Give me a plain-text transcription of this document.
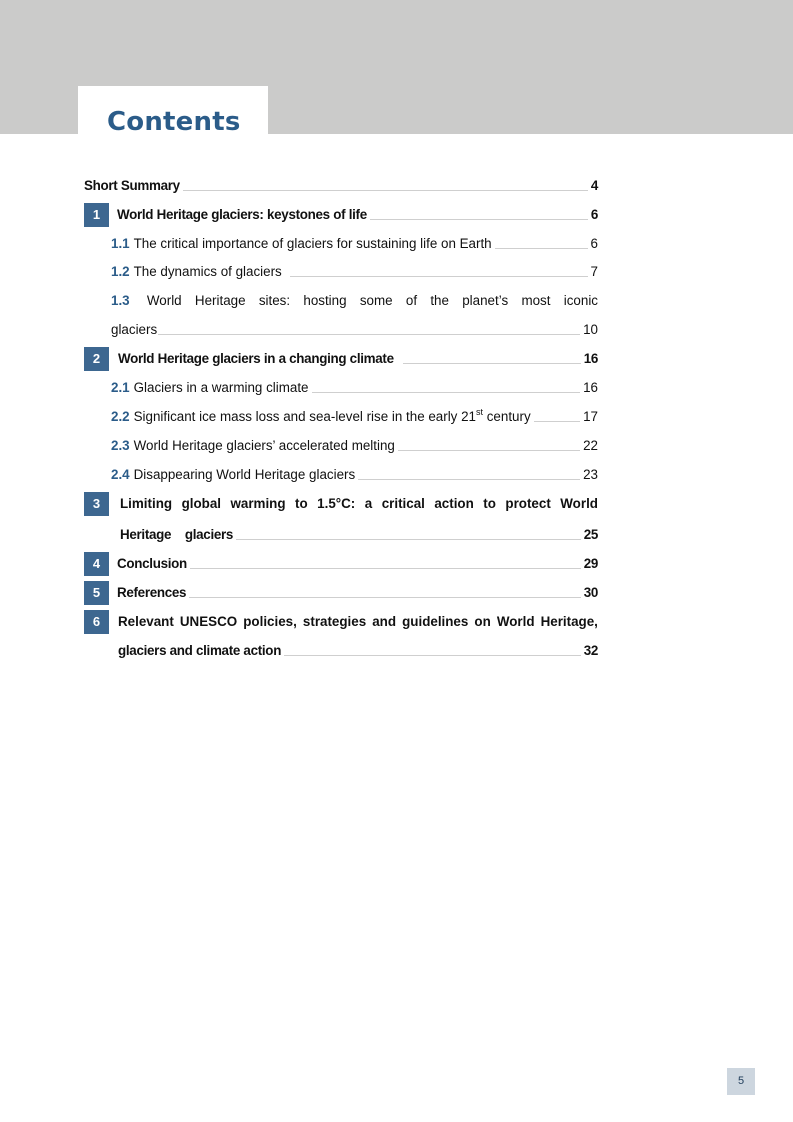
Contents
Short Summary	4
1	World Heritage glaciers: keystones of life	6
1.1 The critical importance of glaciers for sustaining life on Earth	6
1.2 The dynamics of glaciers	7
1.3 World Heritage sites: hosting some of the planet’s most iconic
glaciers	10
2	World Heritage glaciers in a changing climate	16
2.1 Glaciers in a warming climate	16
2.2 Significant ice mass loss and sea-level rise in the early 21st century	17
2.3 World Heritage glaciers’ accelerated melting	22
2.4 Disappearing World Heritage glaciers	23
3	Limiting global warming to 1.5°C: a critical action to protect World
Heritage    glaciers	25
4	Conclusion	29
5	References	30
6	Relevant UNESCO policies, strategies and guidelines on World Heritage,
glaciers and climate action	32
5
